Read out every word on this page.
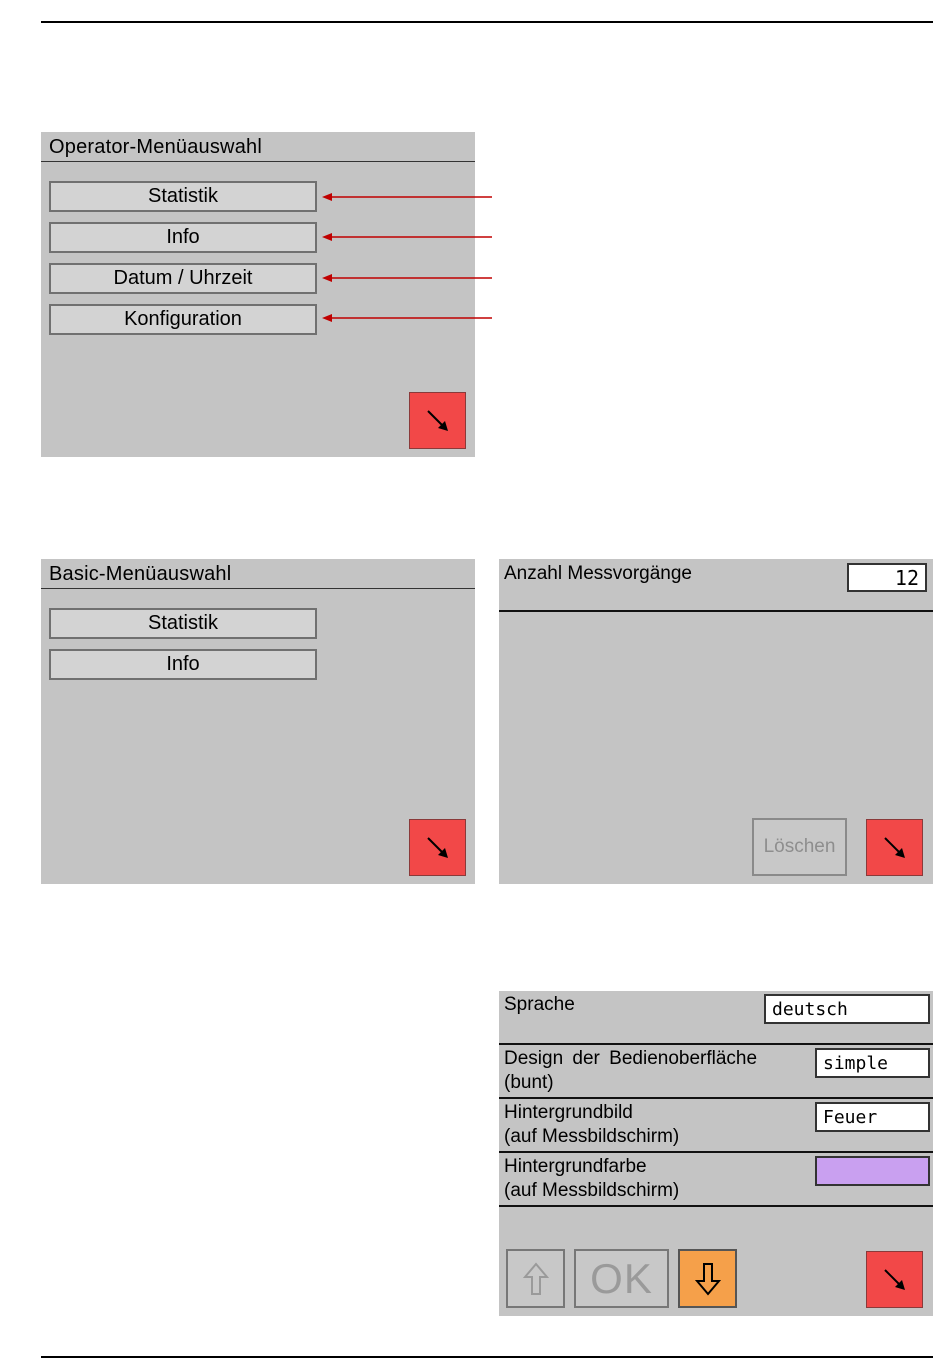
Operator-Menüauswahl
Statistik
Info
Datum / Uhrzeit
Konfiguration
Basic-Menüauswahl
Statistik
Info
Anzahl Messvorgänge	12
Löschen
Sprache	deutsch
Design der Bedienoberfläche
(bunt)
simple
Hintergrundbild
(auf Messbildschirm)
Feuer
Hintergrundfarbe
(auf Messbildschirm)
OK
